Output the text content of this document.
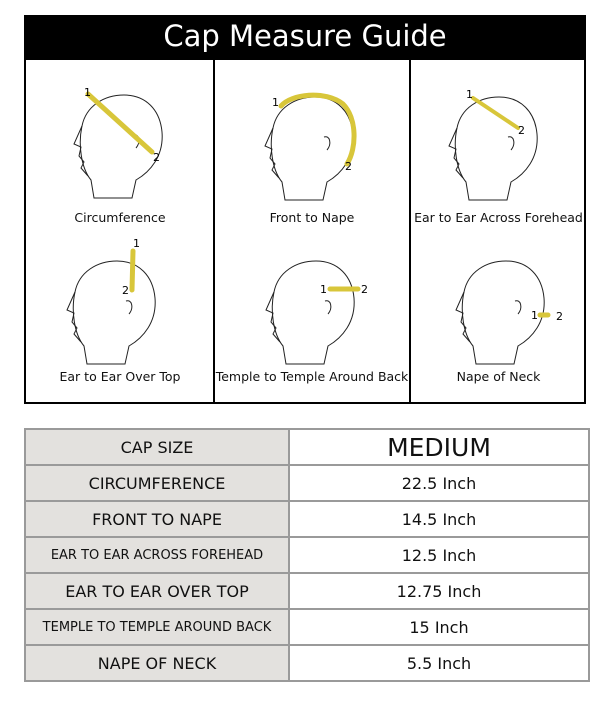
Cap Measure Guide
1
2
Circumference
1
2
Front to Nape
1
2
Ear to Ear Across Forehead
1
2
Ear to Ear Over Top
1	2
Temple to Temple Around Back
1 2
Nape of Neck
CAP SIZE	MEDIUM
CIRCUMFERENCE	22.5 Inch
FRONT TO NAPE	14.5 Inch
EAR TO EAR ACROSS FOREHEAD	12.5 Inch
EAR TO EAR OVER TOP	12.75 Inch
TEMPLE TO TEMPLE AROUND BACK	15 Inch
NAPE OF NECK	5.5 Inch
